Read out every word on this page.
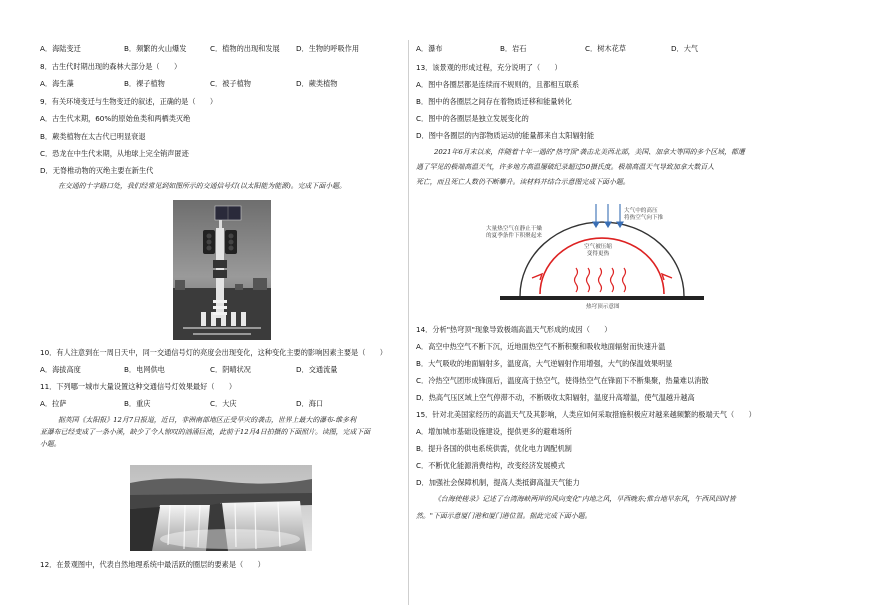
A．海陆变迁	B．频繁的火山爆发	C．植物的出现和发展 D．生物的呼吸作用
8．古生代时期出现的森林大部分是（　　）
A．海生藻	B．裸子植物	C．被子植物	D．蕨类植物
9．有关环境变迁与生物变迁的叙述，正确的是（　　）
A．古生代末期，60%的原始鱼类和两栖类灭绝
B．蕨类植物在太古代已明显衰退
C．恐龙在中生代末期，从地球上完全销声匿迹
D．无脊椎动物的灭绝主要在新生代
在交通的十字路口处，我们经常见到如图所示的交通信号灯(以太阳能为能源)。完成下面小题。
10．有人注意到在一周日天中，同一交通信号灯的亮度会出现变化，这种变化主要的影响因素主要是（　　）
A．海拔高度	B．电网供电	C．阴晴状况	D．交通流量
11．下列哪一城市大量设置这种交通信号灯效果最好（　　）
A．拉萨	B．重庆	C．大庆	D．海口
据英国《太阳报》12月7日报道，近日，非洲南部地区正受旱灾的袭击，世界上最大的瀑布-维多利
亚瀑布已经变成了一条小溪，缺少了令人惊叹的汹涌巨流，此前于12月4日拍摄的下面照片。读图，完成下面
小题。
12．在景观图中，代表自然地理系统中最活跃的圈层的要素是（　　）
A．瀑布	B．岩石	C．树木花草	D．大气
13．该景观的形成过程，充分说明了（　　）
A．图中各圈层都是连续而不规则的，且都相互联系
B．图中的各圈层之间存在着物质迁移和能量转化
C．图中的各圈层是独立发展变化的
D．图中各圈层的内部物质运动的能量都来自太阳辐射能
2021年6月末以来，伴随着十年一遇的"热穹顶"袭击北美西北部，美国、加拿大等国的多个区域，都遭
遇了罕见的极端高温天气，许多地方高温屡破纪录超过50摄氏度。极端高温天气导致加拿大数百人
死亡，而且死亡人数仍不断攀升。读材料并结合示意图完成下面小题。
大量热空气在静止干燥
的夏季条件下积聚起来
大气中的高压
将热空气向下推
空气被压缩
变得更热
热穹顶示意图
14．分析"热穹顶"现象导致极端高温天气形成的成因（　　）
A．高空中热空气不断下沉，近地面热空气不断积聚和吸收地面辐射而快速升温
B．大气吸收的地面辐射多，温度高，大气逆辐射作用增强，大气的保温效果明显
C．冷热空气团形成锋面后，温度高于热空气，使得热空气在锋面下不断集聚，热量难以消散
D．热高气压区域上空气停滞不动，不断吸收太阳辐射，温度升高增温，使气温越升越高
15．针对北美国家经历的高温天气及其影响，人类应如何采取措施积极应对越来越频繁的极端天气（　　）
A．增加城市基础设施建设，提供更多的避难场所
B．提升各国的供电系统供需，优化电力调配机制
C．不断优化能源消费结构，改变经济发展模式
D．加强社会保障机制，提高人类抵御高温天气能力
《台海使槎录》记述了台湾海峡两岸的风向变化"内地之风，早西晚东;惟台地早东风，午西风四时皆
然。"下面示意厦门港和厦门港位置。据此完成下面小题。
